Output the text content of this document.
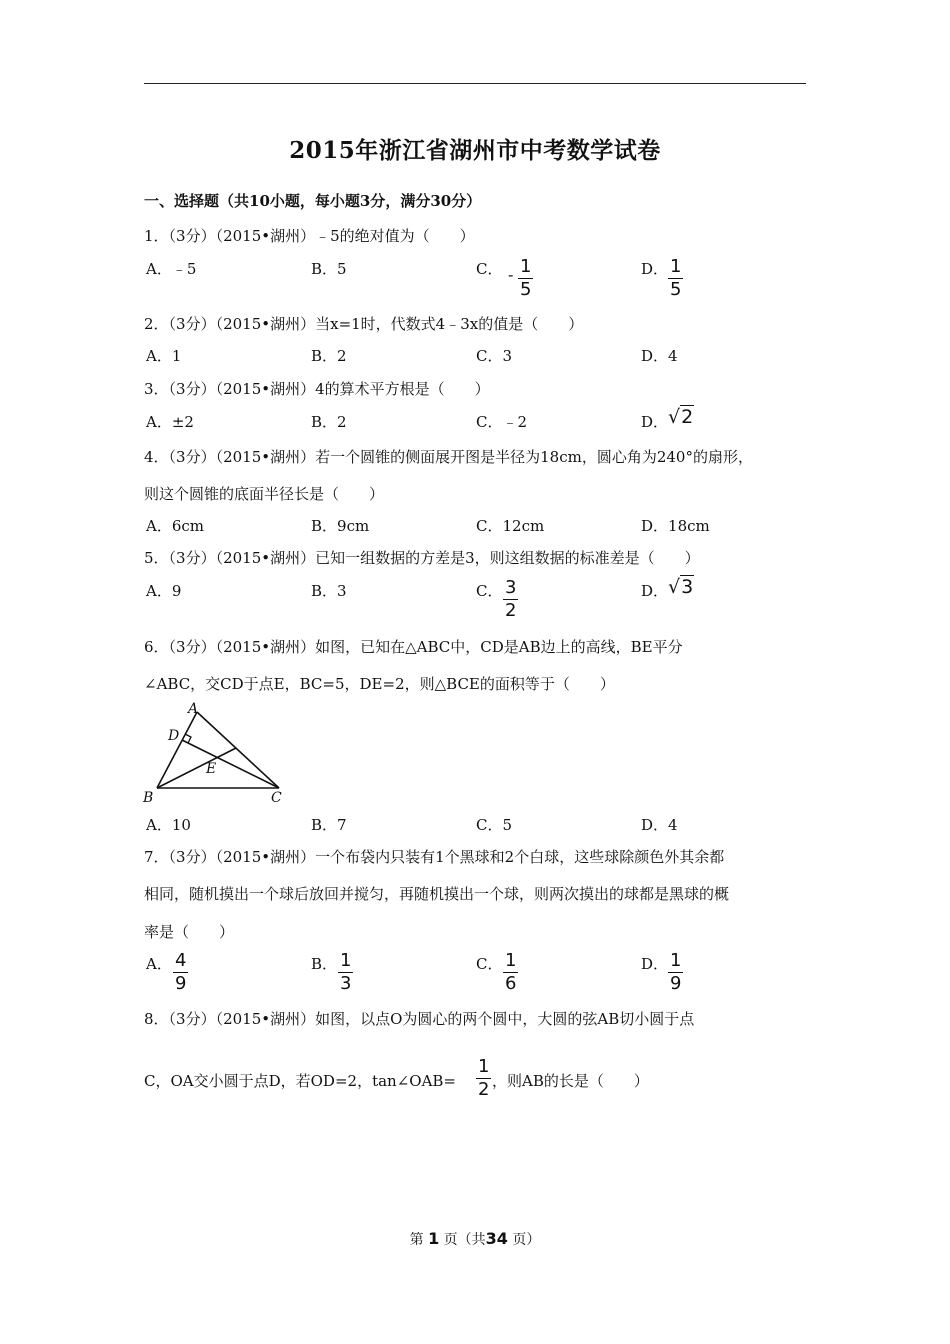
2015年浙江省湖州市中考数学试卷
一、选择题（共10小题，每小题3分，满分30分）
1．（3分）（2015•湖州）﹣5的绝对值为（　　）
A．﹣5	B．5	C． - 1
5
D． 1
5
2．（3分）（2015•湖州）当x=1时，代数式4﹣3x的值是（　　）
A．1	B．2	C．3	D．4
3．（3分）（2015•湖州）4的算术平方根是（　　）
A．±2	B．2	C．﹣2	D． √2
4．（3分）（2015•湖州）若一个圆锥的侧面展开图是半径为18cm，圆心角为240°的扇形，
则这个圆锥的底面半径长是（　　）
A．6cm	B．9cm	C．12cm	D．18cm
5．（3分）（2015•湖州）已知一组数据的方差是3，则这组数据的标准差是（　　）
A．9	B．3	C． 3
2
D． √3
6．（3分）（2015•湖州）如图，已知在△ABC中，CD是AB边上的高线，BE平分
∠ABC，交CD于点E，BC=5，DE=2，则△BCE的面积等于（　　）
A
D
E
B	C
A．10	B．7	C．5	D．4
7．（3分）（2015•湖州）一个布袋内只装有1个黑球和2个白球，这些球除颜色外其余都
相同，随机摸出一个球后放回并搅匀，再随机摸出一个球，则两次摸出的球都是黑球的概
率是（　　）
A． 4
9
B． 1
3
C． 1
6
D． 1
9
8．（3分）（2015•湖州）如图，以点O为圆心的两个圆中，大圆的弦AB切小圆于点
C，OA交小圆于点D，若OD=2，tan∠OAB=
1
2 ，则AB的长是（　　）
第 1 页（共34 页）
